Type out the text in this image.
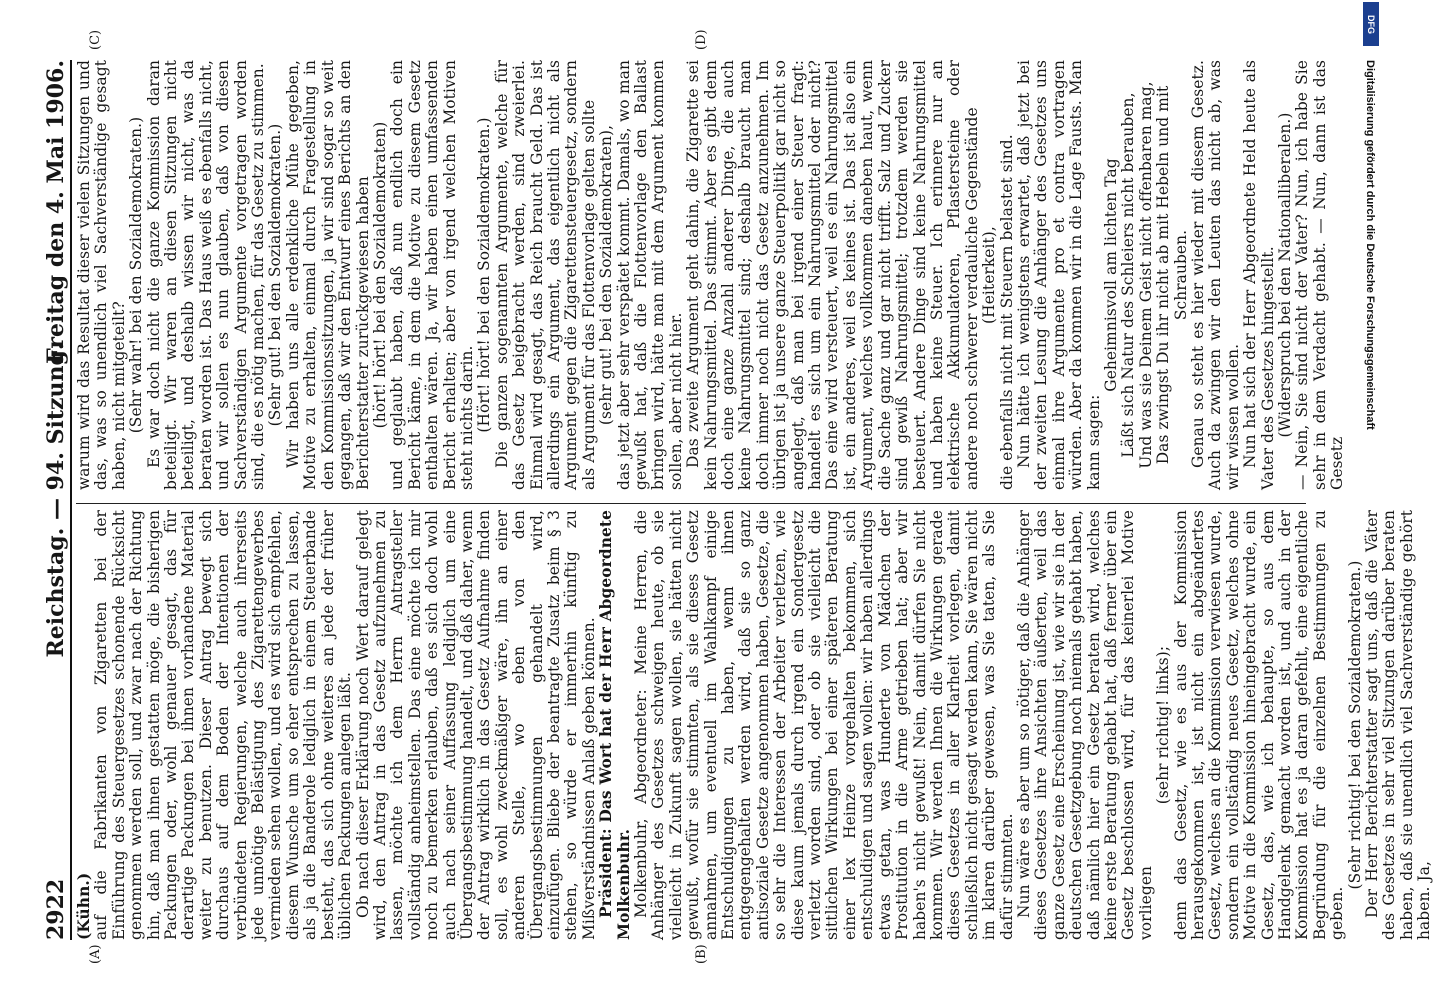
2922
Reichstag. — 94. Sitzung.
Freitag den 4. Mai 1906.
(A)	(B)
(C)	(D)

(Kühn.) auf die Fabrikanten von Zigaretten bei der Einführung des Steuergesetzes schonende Rücksicht genommen werden soll, und zwar nach der Richtung hin, daß man ihnen gestatten möge, die bisherigen Packungen oder, wohl genauer gesagt, das für derartige Packungen bei ihnen vorhandene Material weiter zu benutzen. Dieser Antrag bewegt sich durchaus auf dem Boden der Intentionen der verbündeten Regierungen, welche auch ihrerseits jede unnötige Belästigung des Zigarettengewerbes vermieden sehen wollen, und es wird sich empfehlen, diesem Wunsche um so eher entsprechen zu lassen, als ja die Banderole lediglich in einem Steuerbande besteht, das sich ohne weiteres an jede der früher üblichen Packungen anlegen läßt. Ob nach dieser Erklärung noch Wert darauf gelegt wird, den Antrag in das Gesetz aufzunehmen zu lassen, möchte ich dem Herrn Antragsteller vollständig anheimstellen. Das eine möchte ich mir noch zu bemerken erlauben, daß es sich doch wohl auch nach seiner Auffassung lediglich um eine Übergangsbestimmung handelt, und daß daher, wenn der Antrag wirklich in das Gesetz Aufnahme finden soll, es wohl zweckmäßiger wäre, ihn an einer anderen Stelle, wo eben von den Übergangsbestimmungen gehandelt wird, einzufügen. Bliebe der beantragte Zusatz beim § 3 stehen, so würde er immerhin künftig zu Mißverständnissen Anlaß geben können. Präsident: Das Wort hat der Herr Abgeordnete Molkenbuhr. Molkenbuhr, Abgeordneter: Meine Herren, die Anhänger des Gesetzes schweigen heute, ob sie vielleicht in Zukunft sagen wollen, sie hätten nicht gewußt, wofür sie stimmten, als sie dieses Gesetz annahmen, um eventuell im Wahlkampf einige Entschuldigungen zu haben, wenn ihnen entgegengehalten werden wird, daß sie so ganz antisoziale Gesetze angenommen haben, Gesetze, die so sehr die Interessen der Arbeiter verletzen, wie diese kaum jemals durch irgend ein Sondergesetz verletzt worden sind, oder ob sie vielleicht die sittlichen Wirkungen bei einer späteren Beratung einer lex Heinze vorgehalten bekommen, sich entschuldigen und sagen wollen: wir haben allerdings etwas getan, was Hunderte von Mädchen der Prostitution in die Arme getrieben hat; aber wir haben's nicht gewußt! Nein, damit dürfen Sie nicht kommen. Wir werden Ihnen die Wirkungen gerade dieses Gesetzes in aller Klarheit vorlegen, damit schließlich nicht gesagt werden kann, Sie wären nicht im klaren darüber gewesen, was Sie taten, als Sie dafür stimmten. Nun wäre es aber um so nötiger, daß die Anhänger dieses Gesetzes ihre Ansichten äußerten, weil das ganze Gesetz eine Erscheinung ist, wie wir sie in der deutschen Gesetzgebung noch niemals gehabt haben, daß nämlich hier ein Gesetz beraten wird, welches keine erste Beratung gehabt hat, daß ferner über ein Gesetz beschlossen wird, für das keinerlei Motive vorliegen

(sehr richtig! links); denn das Gesetz, wie es aus der Kommission herausgekommen ist, ist nicht ein abgeändertes Gesetz, welches an die Kommission verwiesen wurde, sondern ein vollständig neues Gesetz, welches ohne Motive in die Kommission hineingebracht wurde, ein Gesetz, das, wie ich behaupte, so aus dem Handgelenk gemacht worden ist, und auch in der Kommission hat es ja daran gefehlt, eine eigentliche Begründung für die einzelnen Bestimmungen zu geben.

(Sehr richtig! bei den Sozialdemokraten.) Der Herr Berichterstatter sagt uns, daß die Väter des Gesetzes in sehr viel Sitzungen darüber beraten haben, daß sie unendlich viel Sachverständige gehört haben. Ja,

warum wird das Resultat dieser vielen Sitzungen und das, was so unendlich viel Sachverständige gesagt haben, nicht mitgeteilt? (Sehr wahr! bei den Sozialdemokraten.) Es war doch nicht die ganze Kommission daran beteiligt. Wir waren an diesen Sitzungen nicht beteiligt, und deshalb wissen wir nicht, was da beraten worden ist. Das Haus weiß es ebenfalls nicht, und wir sollen es nun glauben, daß von diesen Sachverständigen Argumente vorgetragen worden sind, die es nötig machen, für das Gesetz zu stimmen. (Sehr gut! bei den Sozialdemokraten.) Wir haben uns alle erdenkliche Mühe gegeben, Motive zu erhalten, einmal durch Fragestellung in den Kommissionssitzungen, ja wir sind sogar so weit gegangen, daß wir den Entwurf eines Berichts an den Berichterstatter zurückgewiesen haben (hört! hört! bei den Sozialdemokraten) und geglaubt haben, daß nun endlich doch ein Bericht käme, in dem die Motive zu diesem Gesetz enthalten wären. Ja, wir haben einen umfassenden Bericht erhalten; aber von irgend welchen Motiven steht nichts darin. (Hört! hört! bei den Sozialdemokraten.) Die ganzen sogenannten Argumente, welche für das Gesetz beigebracht werden, sind zweierlei. Einmal wird gesagt, das Reich braucht Geld. Das ist allerdings ein Argument, das eigentlich nicht als Argument gegen die Zigarettensteuergesetz, sondern als Argument für das Flottenvorlage gelten sollte (sehr gut! bei den Sozialdemokraten), das jetzt aber sehr verspätet kommt. Damals, wo man gewußt hat, daß die Flottenvorlage den Ballast bringen wird, hätte man mit dem Argument kommen sollen, aber nicht hier. Das zweite Argument geht dahin, die Zigarette sei kein Nahrungsmittel. Das stimmt. Aber es gibt denn doch eine ganze Anzahl anderer Dinge, die auch keine Nahrungsmittel sind; deshalb braucht man doch immer noch nicht das Gesetz anzunehmen. Im übrigen ist ja unsere ganze Steuerpolitik gar nicht so angelegt, daß man bei irgend einer Steuer fragt: handelt es sich um ein Nahrungsmittel oder nicht? Das eine wird versteuert, weil es ein Nahrungsmittel ist, ein anderes, weil es keines ist. Das ist also ein Argument, welches vollkommen daneben haut, wenn die Sache ganz und gar nicht trifft. Salz und Zucker sind gewiß Nahrungsmittel; trotzdem werden sie besteuert. Andere Dinge sind keine Nahrungsmittel und haben keine Steuer. Ich erinnere nur an elektrische Akkumulatoren, Pflastersteine oder andere noch schwerer verdauliche Gegenstände (Heiterkeit), die ebenfalls nicht mit Steuern belastet sind. Nun hätte ich wenigstens erwartet, daß jetzt bei der zweiten Lesung die Anhänger des Gesetzes uns einmal ihre Argumente pro et contra vortragen würden. Aber da kommen wir in die Lage Fausts. Man kann sagen:

Geheimnisvoll am lichten Tag Läßt sich Natur des Schleiers nicht berauben, Und was sie Deinem Geist nicht offenbaren mag, Das zwingst Du ihr nicht ab mit Hebeln und mit Schrauben. Genau so steht es hier wieder mit diesem Gesetz. Auch da zwingen wir den Leuten das nicht ab, was wir wissen wollen. Nun hat sich der Herr Abgeordnete Held heute als Vater des Gesetzes hingestellt. (Widerspruch bei den Nationalliberalen.) — Nein, Sie sind nicht der Vater? Nun, ich habe Sie sehr in dem Verdacht gehabt. — Nun, dann ist das Gesetz

DFG
Digitalisierung gefördert durch die Deutsche Forschungsgemeinschaft
